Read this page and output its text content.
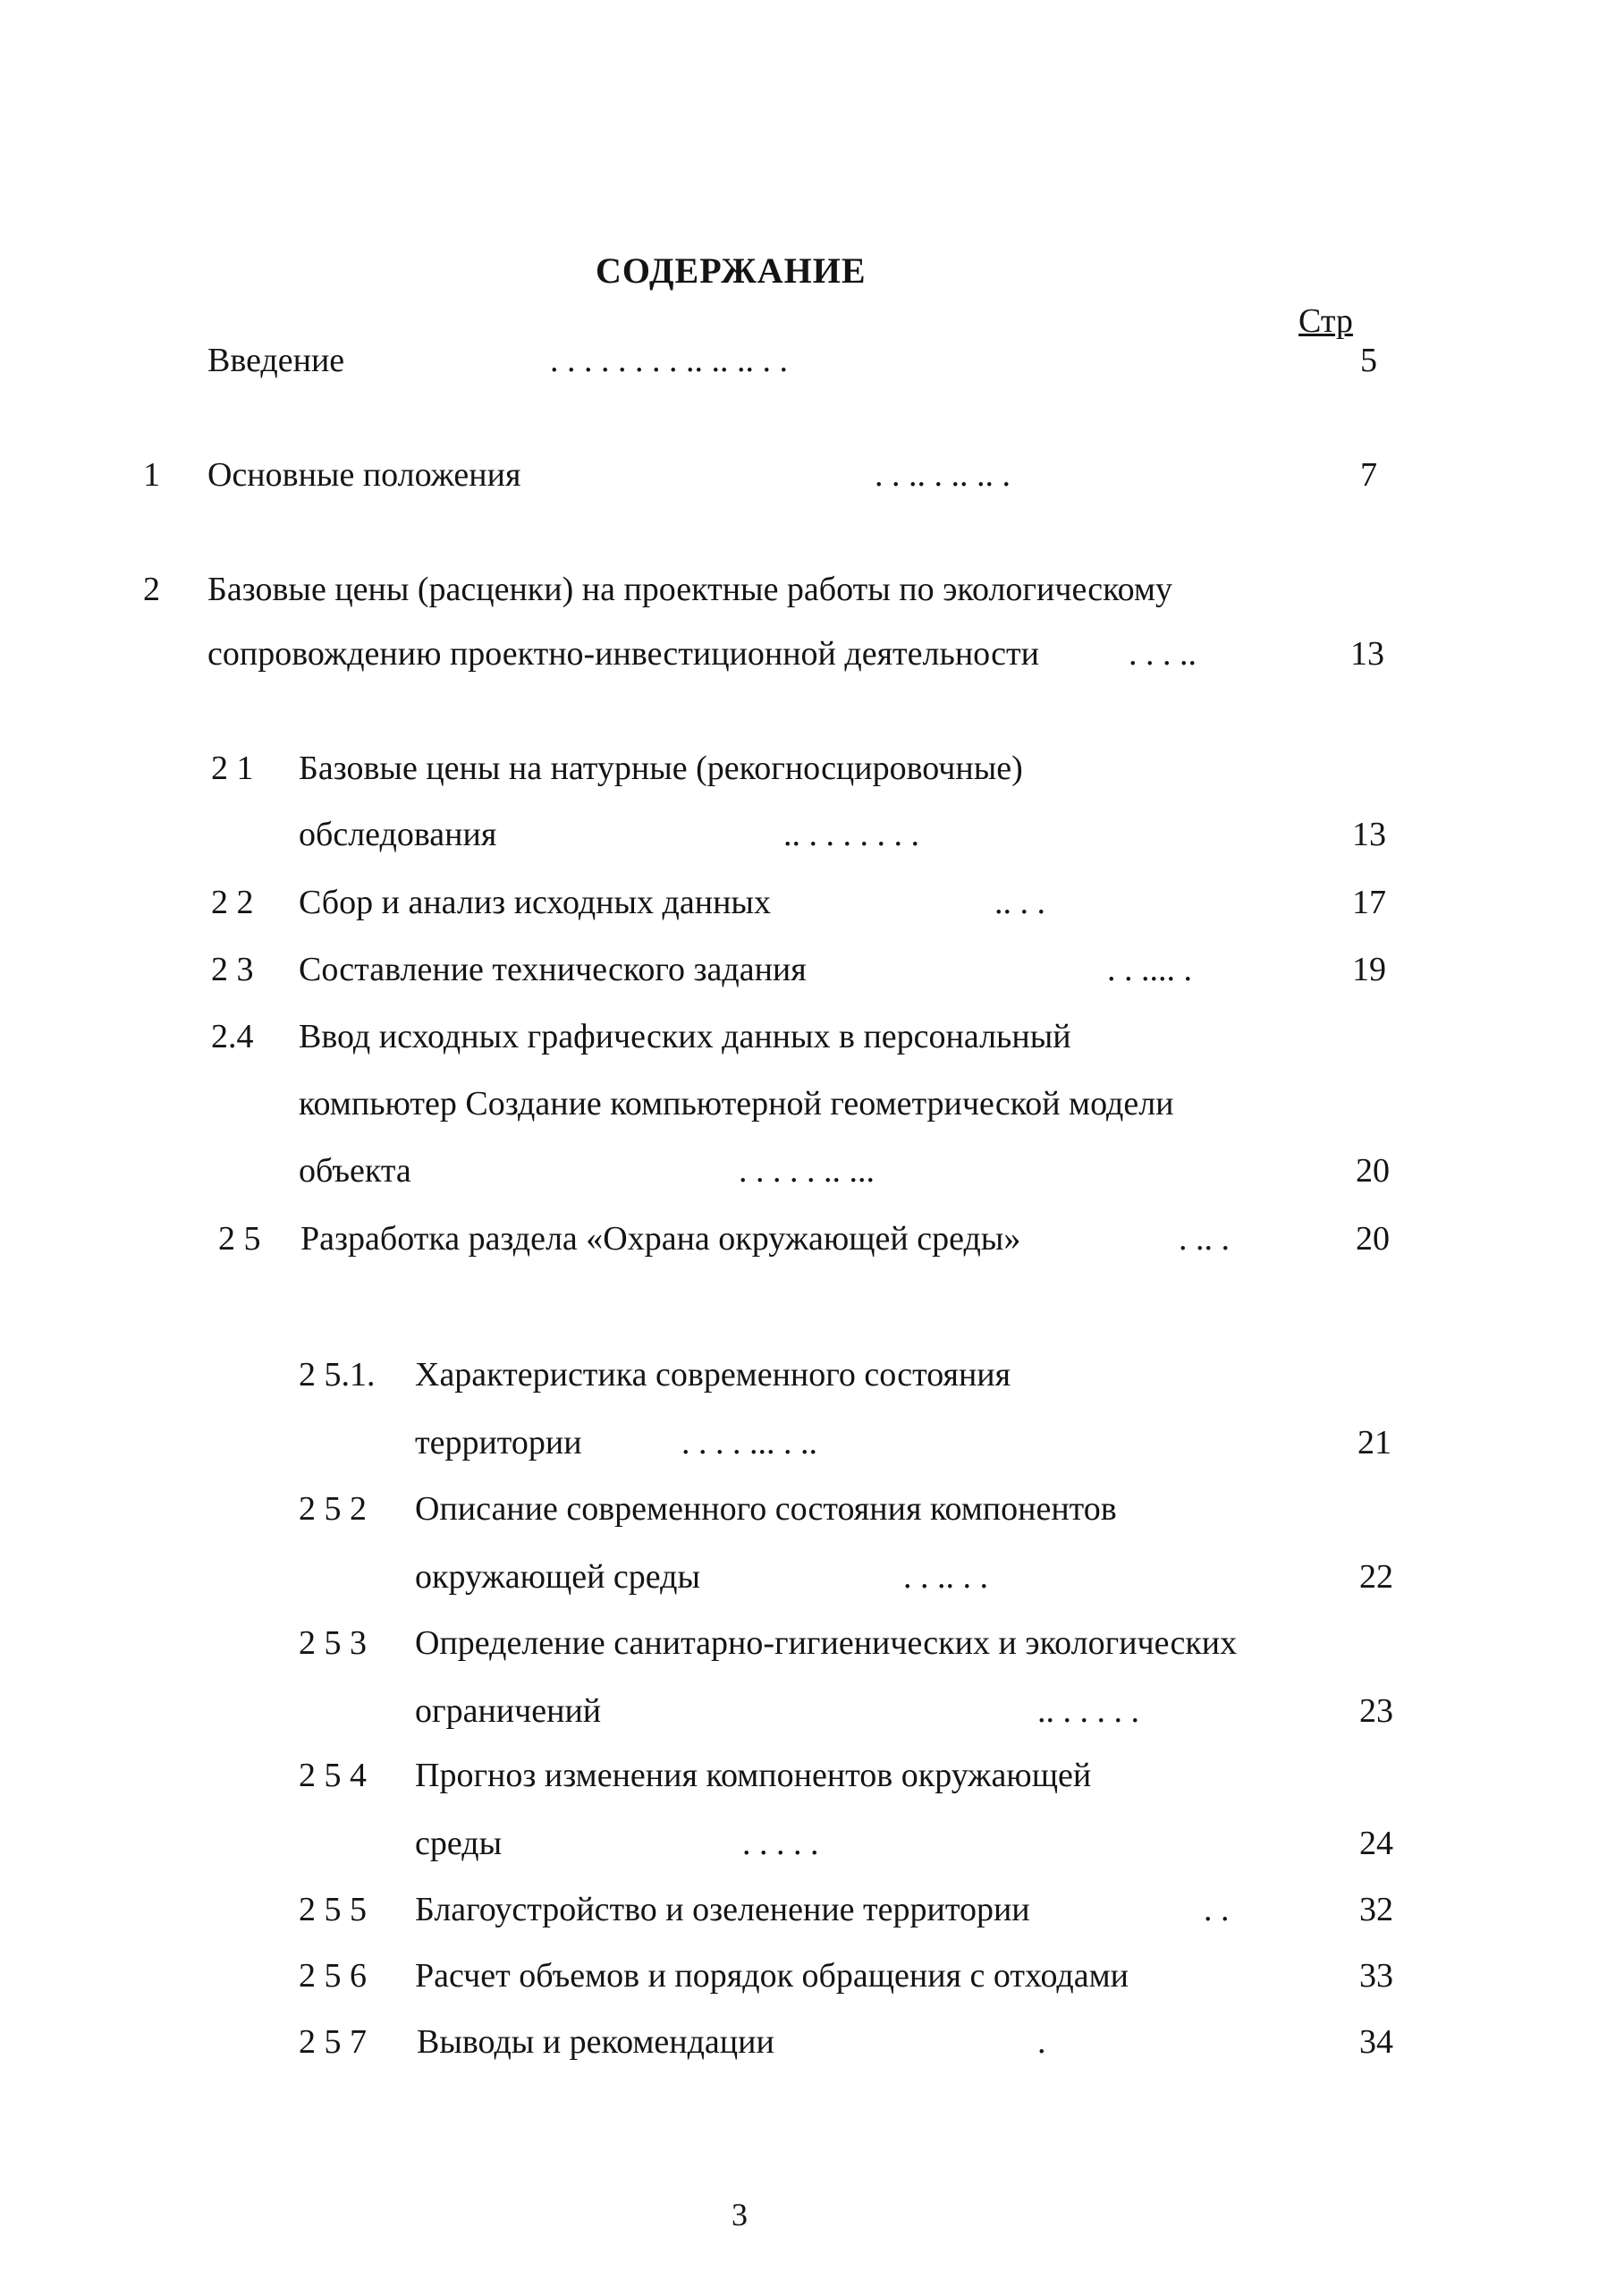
СОДЕРЖАНИЕ
Стр
Введение	. . . . . . . . .. .. .. . .	5
1 Основные положения	. . .. . .. .. .	7
2 Базовые цены (расценки) на проектные работы по экологическому
сопровождению проектно-инвестиционной деятельности	. . . ..	13
2 1 Базовые цены на натурные (рекогносцировочные)
обследования	.. . . . . . . .	13
2 2 Сбор и анализ исходных данных	.. . .	17
2 3 Составление технического задания	. . .... .	19
2.4 Ввод исходных графических данных в персональный
компьютер Создание компьютерной геометрической модели
объекта	. . . . . .. ...	20
2 5 Разработка раздела «Охрана окружающей среды»	. .. .	20
2 5.1. Характеристика современного состояния
территории	. . . . ... . ..	21
2 5 2 Описание современного состояния компонентов
окружающей среды	. . .. . .	22
2 5 3 Определение санитарно-гигиенических и экологических
ограничений	.. . . . . .	23
2 5 4 Прогноз изменения компонентов окружающей
среды	. . . . .	24
2 5 5 Благоустройство и озеленение территории	. .	32
2 5 6 Расчет объемов и порядок обращения с отходами	33
2 5 7 Выводы и рекомендации	.	34
3
